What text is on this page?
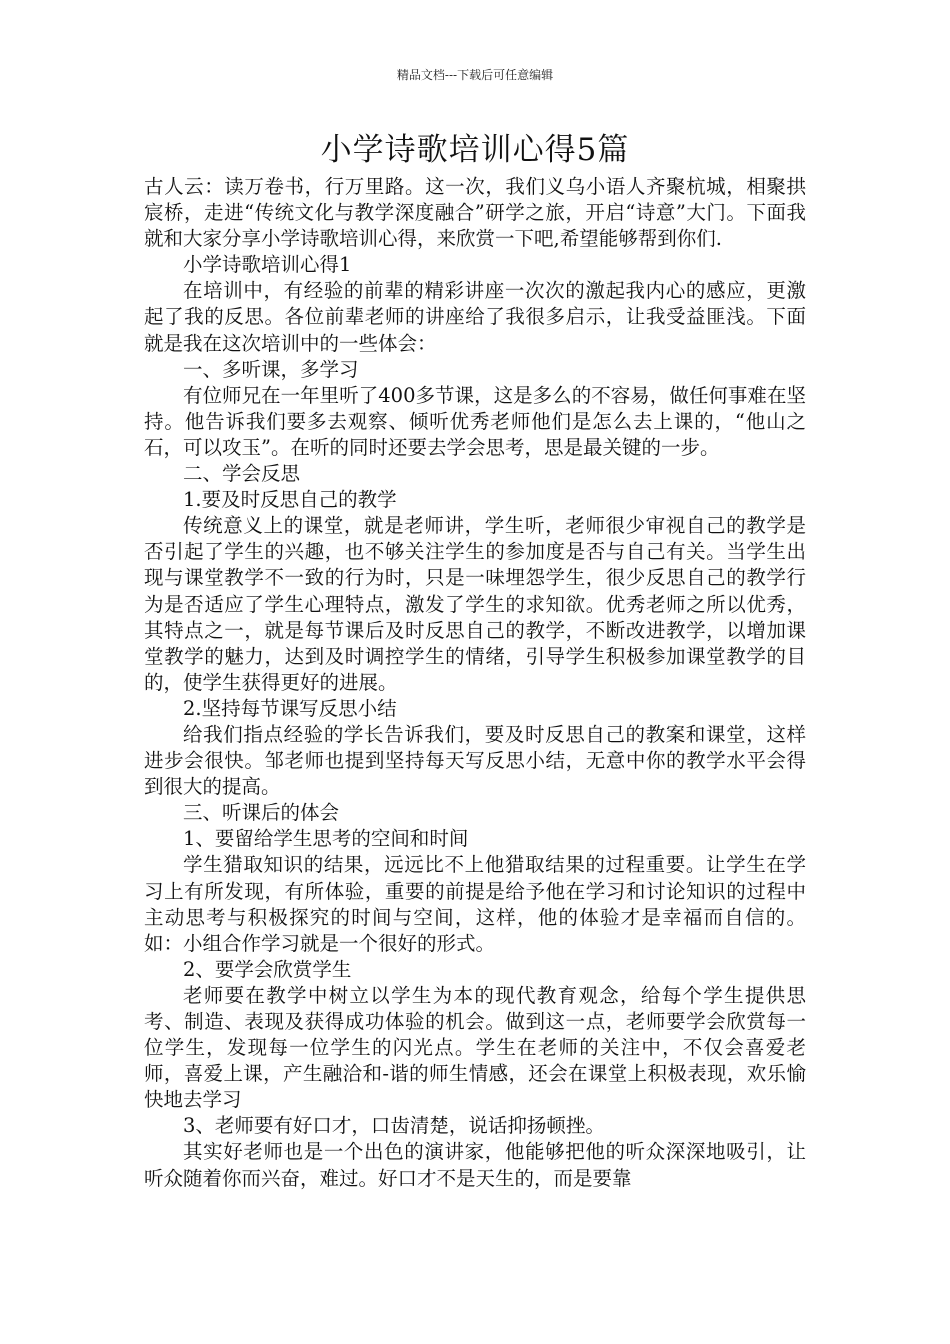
精品文档---下载后可任意编辑
小学诗歌培训心得5篇

古人云：读万卷书，行万里路。这一次，我们义乌小语人齐聚杭城，相聚拱宸桥，走进“传统文化与教学深度融合”研学之旅，开启“诗意”大门。下面我就和大家分享小学诗歌培训心得，来欣赏一下吧,希望能够帮到你们.

小学诗歌培训心得1

在培训中，有经验的前辈的精彩讲座一次次的激起我内心的感应，更激起了我的反思。各位前辈老师的讲座给了我很多启示，让我受益匪浅。下面就是我在这次培训中的一些体会：

一、多听课，多学习

有位师兄在一年里听了400多节课，这是多么的不容易，做任何事难在坚持。他告诉我们要多去观察、倾听优秀老师他们是怎么去上课的，“他山之石，可以攻玉”。在听的同时还要去学会思考，思是最关键的一步。

二、学会反思

1.要及时反思自己的教学

传统意义上的课堂，就是老师讲，学生听，老师很少审视自己的教学是否引起了学生的兴趣，也不够关注学生的参加度是否与自己有关。当学生出现与课堂教学不一致的行为时，只是一味埋怨学生，很少反思自己的教学行为是否适应了学生心理特点，激发了学生的求知欲。优秀老师之所以优秀，其特点之一，就是每节课后及时反思自己的教学，不断改进教学，以增加课堂教学的魅力，达到及时调控学生的情绪，引导学生积极参加课堂教学的目的，使学生获得更好的进展。

2.坚持每节课写反思小结

给我们指点经验的学长告诉我们，要及时反思自己的教案和课堂，这样进步会很快。邹老师也提到坚持每天写反思小结，无意中你的教学水平会得到很大的提高。

三、听课后的体会

1、要留给学生思考的空间和时间

学生猎取知识的结果，远远比不上他猎取结果的过程重要。让学生在学习上有所发现，有所体验，重要的前提是给予他在学习和讨论知识的过程中主动思考与积极探究的时间与空间，这样，他的体验才是幸福而自信的。如：小组合作学习就是一个很好的形式。

2、要学会欣赏学生

老师要在教学中树立以学生为本的现代教育观念，给每个学生提供思考、制造、表现及获得成功体验的机会。做到这一点，老师要学会欣赏每一位学生，发现每一位学生的闪光点。学生在老师的关注中，不仅会喜爱老师，喜爱上课，产生融洽和-谐的师生情感，还会在课堂上积极表现，欢乐愉快地去学习

3、老师要有好口才，口齿清楚，说话抑扬顿挫。

其实好老师也是一个出色的演讲家，他能够把他的听众深深地吸引，让听众随着你而兴奋，难过。好口才不是天生的，而是要靠
